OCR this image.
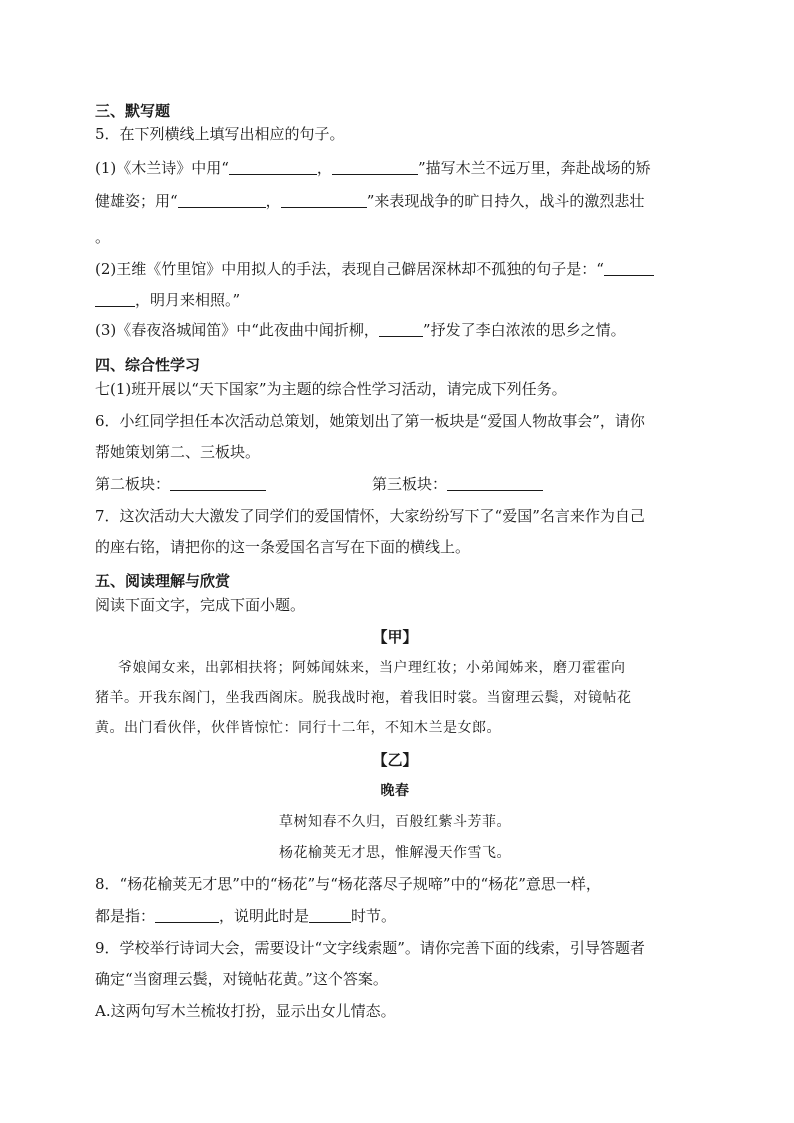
三、默写题
5．在下列横线上填写出相应的句子。
(1)《木兰诗》中用“	，	”描写木兰不远万里，奔赴战场的矫
健雄姿；用“	，	”来表现战争的旷日持久，战斗的激烈悲壮
。
(2)王维《竹里馆》中用拟人的手法，表现自己僻居深林却不孤独的句子是：“
，明月来相照。”
(3)《春夜洛城闻笛》中“此夜曲中闻折柳，	”抒发了李白浓浓的思乡之情。
四、综合性学习
七(1)班开展以“天下国家”为主题的综合性学习活动，请完成下列任务。
6．小红同学担任本次活动总策划，她策划出了第一板块是“爱国人物故事会”，请你
帮她策划第二、三板块。
第二板块：	第三板块：
7．这次活动大大激发了同学们的爱国情怀，大家纷纷写下了“爱国”名言来作为自己
的座右铭，请把你的这一条爱国名言写在下面的横线上。
五、阅读理解与欣赏
阅读下面文字，完成下面小题。
【甲】
爷娘闻女来，出郭相扶将；阿姊闻妹来，当户理红妆；小弟闻姊来，磨刀霍霍向
猪羊。开我东阁门，坐我西阁床。脱我战时袍，着我旧时裳。当窗理云鬓，对镜帖花
黄。出门看伙伴，伙伴皆惊忙：同行十二年，不知木兰是女郎。
【乙】
晚春
草树知春不久归，百般红紫斗芳菲。
杨花榆荚无才思，惟解漫天作雪飞。
8．“杨花榆荚无才思”中的“杨花”与“杨花落尽子规啼”中的“杨花”意思一样，
都是指：	，说明此时是	时节。
9．学校举行诗词大会，需要设计“文字线索题”。请你完善下面的线索，引导答题者
确定“当窗理云鬓，对镜帖花黄。”这个答案。
A.这两句写木兰梳妆打扮，显示出女儿情态。
